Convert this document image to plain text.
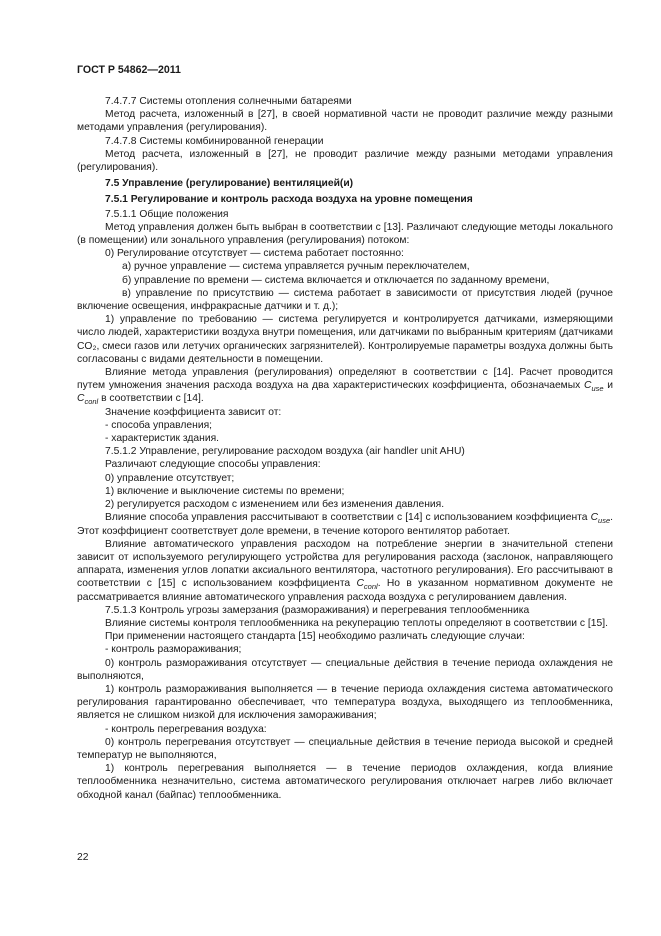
ГОСТ Р 54862—2011

7.4.7.7 Системы отопления солнечными батареями

Метод расчета, изложенный в [27], в своей нормативной части не проводит различие между разными методами управления (регулирования).

7.4.7.8 Системы комбинированной генерации

Метод расчета, изложенный в [27], не проводит различие между разными методами управления (регулирования).

7.5 Управление (регулирование) вентиляцией(и)

7.5.1 Регулирование и контроль расхода воздуха на уровне помещения

7.5.1.1 Общие положения

Метод управления должен быть выбран в соответствии с [13]. Различают следующие методы локального (в помещении) или зонального управления (регулирования) потоком:

0) Регулирование отсутствует — система работает постоянно:

а) ручное управление — система управляется ручным переключателем,

б) управление по времени — система включается и отключается по заданному времени,

в) управление по присутствию — система работает в зависимости от присутствия людей (ручное включение освещения, инфракрасные датчики и т. д.);

1) управление по требованию — система регулируется и контролируется датчиками, измеряющими число людей, характеристики воздуха внутри помещения, или датчиками по выбранным критериям (датчиками CO₂, смеси газов или летучих органических загрязнителей). Контролируемые параметры воздуха должны быть согласованы с видами деятельности в помещении.

Влияние метода управления (регулирования) определяют в соответствии с [14]. Расчет проводится путем умножения значения расхода воздуха на два характеристических коэффициента, обозначаемых $C_{use}$ и $C_{conl}$ в соответствии с [14].

Значение коэффициента зависит от:

- способа управления;

- характеристик здания.

7.5.1.2 Управление, регулирование расходом воздуха (air handler unit AHU)

Различают следующие способы управления:

0) управление отсутствует;

1) включение и выключение системы по времени;

2) регулируется расходом с изменением или без изменения давления.

Влияние способа управления рассчитывают в соответствии с [14] с использованием коэффициента $C_{use}$. Этот коэффициент соответствует доле времени, в течение которого вентилятор работает.

Влияние автоматического управления расходом на потребление энергии в значительной степени зависит от используемого регулирующего устройства для регулирования расхода (заслонок, направляющего аппарата, изменения углов лопатки аксиального вентилятора, частотного регулирования). Его рассчитывают в соответствии с [15] с использованием коэффициента $C_{conl}$. Но в указанном нормативном документе не рассматривается влияние автоматического управления расхода воздуха с регулированием давления.

7.5.1.3 Контроль угрозы замерзания (размораживания) и перегревания теплообменника

Влияние системы контроля теплообменника на рекуперацию теплоты определяют в соответствии с [15].

При применении настоящего стандарта [15] необходимо различать следующие случаи:

- контроль размораживания;

0) контроль размораживания отсутствует — специальные действия в течение периода охлаждения не выполняются,

1) контроль размораживания выполняется — в течение периода охлаждения система автоматического регулирования гарантированно обеспечивает, что температура воздуха, выходящего из теплообменника, является не слишком низкой для исключения замораживания;

- контроль перегревания воздуха:

0) контроль перегревания отсутствует — специальные действия в течение периода высокой и средней температур не выполняются,

1) контроль перегревания выполняется — в течение периодов охлаждения, когда влияние теплообменника незначительно, система автоматического регулирования отключает нагрев либо включает обходной канал (байпас) теплообменника.

22
